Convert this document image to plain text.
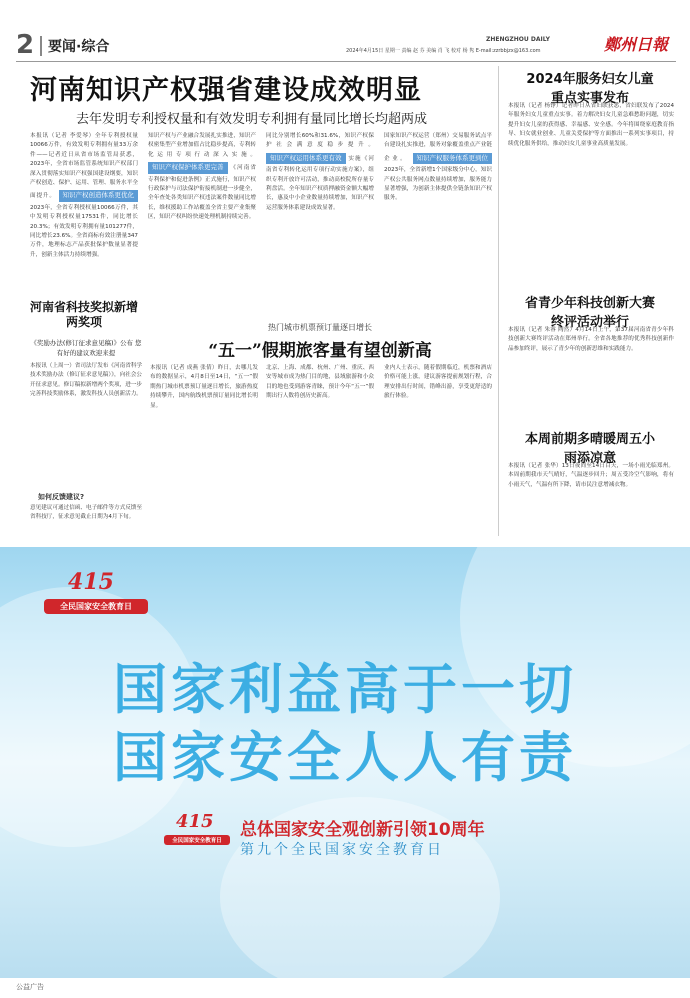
2 要闻·综合	2024年4月15日 星期一 责编 赵 芬 美编 肖 飞 校对 杨 隽 E-mail:zzrbbjzx@163.com
ZHENGZHOU DAILY	鄭州日報
河南知识产权强省建设成效明显
去年发明专利授权量和有效发明专利拥有量同比增长均超两成
本报讯（记者 李爱琴）全年专利授权量10066万件，有效发明专利拥有量33万余件——记者近日从省市场监管局获悉，2023年，全省市场监管系统知识产权部门深入贯彻落实知识产权强国建设纲要，知识产权创造、保护、运用、管理、服务水平全面提升。 知识产权创造体系更优化 2023年，全省专利授权量10066万件，其中发明专利授权量17531件，同比增长20.3%；有效发明专利拥有量101277件，同比增长23.6%。全省商标有效注册量347万件，地理标志产品获批保护数量显著提升，创新主体活力持续增强。
知识产权与产业融合发展扎实推进，知识产权密集型产业增加值占比稳步提高，专利转化运用专项行动深入实施。 知识产权保护体系更完善 《河南省专利保护和促进条例》正式施行，知识产权行政保护与司法保护衔接机制进一步健全，全年查处各类知识产权违法案件数量同比增长，维权援助工作站覆盖全省主要产业集聚区，知识产权纠纷快速处理机制持续完善。
同比分别增长60%和31.6%，知识产权保护社会满意度稳步提升。 知识产权运用体系更有效 实施《河南省专利转化运用专项行动实施方案》，组织专利开放许可活动，推动高校院所存量专利盘活。全年知识产权质押融资金额大幅增长，惠及中小企业数量持续增加，知识产权运营服务体系建设成效显著。
国家知识产权运营（郑州）交易服务试点平台建设扎实推进，服务对象覆盖重点产业链企业。 知识产权服务体系更到位 2023年，全省新增1个国家级分中心，知识产权公共服务网点数量持续增加，服务能力显著增强，为创新主体提供全链条知识产权服务。
2024年服务妇女儿童重点实事发布
本报讯（记者 杨铮）记者昨日从省妇联获悉，省妇联发布了2024年服务妇女儿童重点实事。着力解决妇女儿童急难愁盼问题，切实提升妇女儿童的获得感、幸福感、安全感。今年将围绕家庭教育指导、妇女就业创业、儿童关爱保护等方面推出一系列实事项目，持续优化服务供给，推动妇女儿童事业高质量发展。
省青少年科技创新大赛终评活动举行
本报讯（记者 朱睿 陶然）4月14日上午，第37届河南省青少年科技创新大赛终评活动在郑州举行。全省各地推荐的优秀科技创新作品参加终评，展示了青少年的创新思维和实践能力。
本周前期多晴暖周五小雨添凉意
本报讯（记者 张华）13日夜间至14日白天，一场小雨光临郑州。本周前期我市天气晴好，气温逐步回升；周五受冷空气影响，将有小雨天气，气温有所下降，请市民注意增减衣物。
河南省科技奖拟新增两奖项
《奖励办法(修订征求意见稿)》公布 您有好的建议欢迎来提
本报讯（上周一）省司法厅发布《河南省科学技术奖励办法（修订征求意见稿）》，向社会公开征求意见。修订稿拟新增两个奖项，进一步完善科技奖励体系，激发科技人员创新活力。
如何反馈建议?
意见建议可通过信函、电子邮件等方式反馈至省科技厅，征求意见截止日期为4月下旬。
热门城市机票预订量逐日增长
“五一”假期旅客量有望创新高
本报讯（记者 成燕 张倩）昨日，去哪儿发布的数据显示，4月8日至14日，“五一”假期热门城市机票预订量逐日增长，旅游热度持续攀升，国内航线机票预订量同比增长明显。
北京、上海、成都、杭州、广州、重庆、西安等城市成为热门目的地，县域旅游和小众目的地也受到游客青睐，预计今年“五一”假期出行人数将创历史新高。
业内人士表示，随着假期临近，机票和酒店价格可能上涨，建议游客提前规划行程，合理安排出行时间，错峰出游，享受更舒适的旅行体验。
415
全民国家安全教育日
国家利益高于一切
国家安全人人有责
415
全民国家安全教育日
总体国家安全观创新引领10周年
第九个全民国家安全教育日
公益广告
